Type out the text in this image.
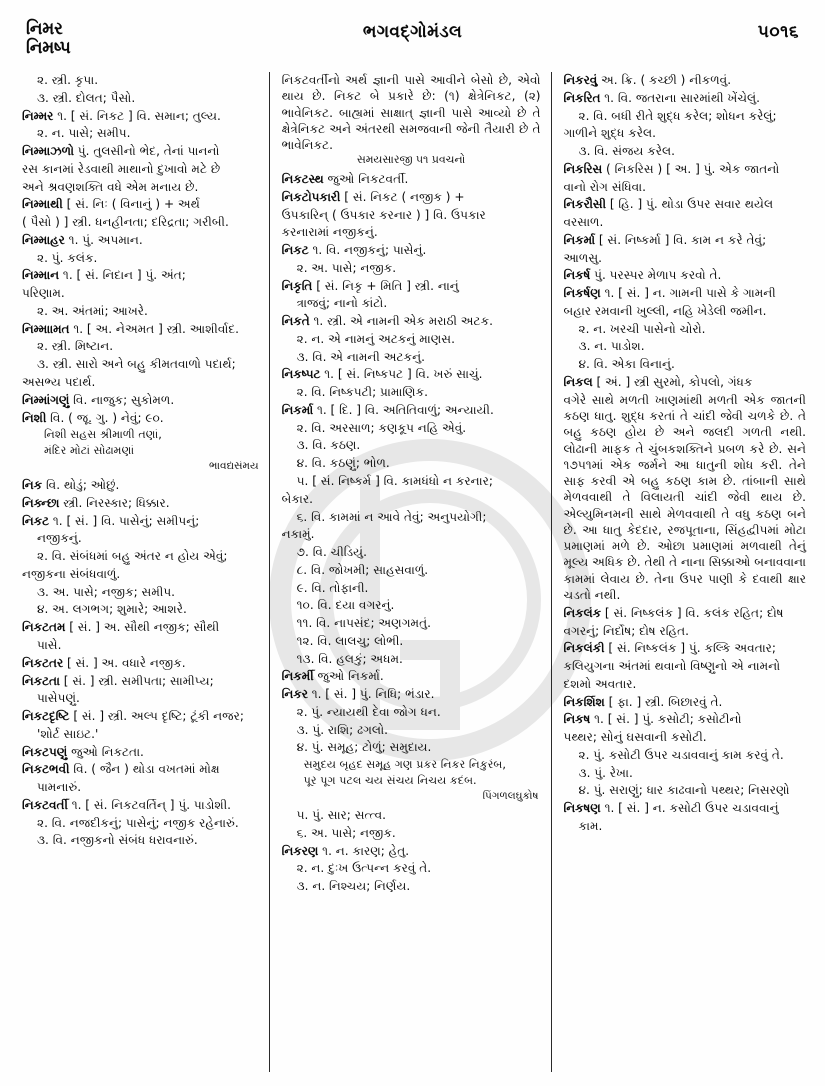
નિમર
નિમષ્પ
ભગવદ્ગોમંડલ	૫૦૧૬
૨. સ્ત્રી. કૃપા.
૩. સ્ત્રી. દોલત; પૈસો.
નિમ્મર ૧. [ સં. નિકટ ] વિ. સમાન; તુલ્ય.
૨. ન. પાસે; સમીપ.
નિમ્માઝળો પું. તુલસીનો ભેદ, તેનાં પાનનો
રસ કાનમાં રેડવાથી માથાનો દુખાવો મટે છે
અને શ્રવણશક્તિ વધે એમ મનાય છે.
નિમ્માથી [ સં. નિઃ ( વિનાનું ) + અર્થ
( પૈસો ) ] સ્ત્રી. ધનહીનતા; દરિદ્રતા; ગરીબી.
નિમ્માહર ૧. પું. અપમાન.
૨. પું. કલંક.
નિમ્માન ૧. [ સં. નિદાન ] પું. અંત;
પરિણામ.
૨. અ. અંતમાં; આખરે.
નિમ્માામત ૧. [ અ. નેઅમત ] સ્ત્રી. આશીર્વાદ.
૨. સ્ત્રી. મિષ્ટાન.
૩. સ્ત્રી. સારો અને બહુ કીમતવાળો પદાર્થ;
અસભ્ય પદાર્થ.
નિમ્માંગણું વિ. નાજુક; સુકોમળ.
નિશી વિ. ( જૂ. ગુ. ) નેવું; ૯૦.
નિશી સહસ શ્રીમાળી તણાં,
મંદિર મોટાં સોઢામણાં
ભાવદ્યસંમય
નિક વિ. થોડું; ઓછું.
નિક્ન્છા સ્ત્રી. નિરસ્કાર; ધિક્કાર.
નિકટ ૧. [ સં. ] વિ. પાસેનું; સમીપનું;
નજીકનું.
૨. વિ. સંબંધમાં બહુ અંતર ન હોય એવું;
નજીકના સંબંધવાળું.
૩. અ. પાસે; નજીક; સમીપ.
૪. અ. લગભગ; શુમારે; આશરે.
નિકટતમ [ સં. ] અ. સૌથી નજીક; સૌથી
પાસે.
નિકટતર [ સં. ] અ. વધારે નજીક.
નિકટતા [ સં. ] સ્ત્રી. સમીપતા; સામીપ્ય;
પાસેપણું.
નિકટદૃષ્ટિ [ સં. ] સ્ત્રી. અલ્પ દૃષ્ટિ; ટૂંકી નજર;
'શોર્ટ સાઇટ.'
નિકટપણું જુઓ નિકટતા.
નિકટભવી વિ. ( જૈન ) થોડા વખતમાં મોક્ષ
પામનારું.
નિકટવર્તી ૧. [ સં. નિકટવર્તિન્ ] પું. પાડોશી.
૨. વિ. નજદીકનું; પાસેનું; નજીક રહેનારું.
૩. વિ. નજીકનો સંબંધ ધરાવનારું.
નિકટવર્તીનો અર્થ જ્ઞાની પાસે આવીને બેસો છે, એવો થાય છે. નિકટ બે પ્રકારે છે: (૧) ક્ષેત્રેનિકટ, (૨) ભાવેનિકટ. બાહ્યમાં સાક્ષાત્ જ્ઞાની પાસે આવ્યો છે તે ક્ષેત્રેનિકટ અને અંતરથી સમજવાની જેની તૈયારી છે તે ભાવેનિકટ.
સમયસારજી ૫૧ પ્રવચનો
નિકટસ્થ જુઓ નિકટવર્તી.
નિકટોપકારી [ સં. નિકટ ( નજીક ) +
ઉપકારિન્ ( ઉપકાર કરનાર ) ] વિ. ઉપકાર
કરનારામાં નજીકનું.
નિકટ ૧. વિ. નજીકનું; પાસેનું.
૨. અ. પાસે; નજીક.
નિકૃતિ [ સં. નિકૃ + મિતિ ] સ્ત્રી. નાનું
ત્રાજવું; નાનો કાંટો.
નિકતે ૧. સ્ત્રી. એ નામની એક મરાઠી અટક.
૨. ન. એ નામનું અટકનું માણસ.
૩. વિ. એ નામની અટકનું.
નિકષ્પટ ૧. [ સં. નિષ્કપટ ] વિ. ખરું સાચું.
૨. વિ. નિષ્કપટી; પ્રામાણિક.
નિકર્મા ૧. [ દિ. ] વિ. અતિતિવાળું; અન્યાયી.
૨. વિ. અરસાળ; કણકૂપ નહિ એવું.
૩. વિ. કઠણ.
૪. વિ. કઠણું; ભોળ.
૫. [ સં. નિષ્કર્મ ] વિ. કામધંધો ન કરનાર;
બેકાર.
૬. વિ. કામમાં ન આવે તેવું; અનુપયોગી;
નકામું.
૭. વિ. ચીડિયું.
૮. વિ. જોખમી; સાહસવાળું.
૯. વિ. તોફાની.
૧૦. વિ. દયા વગરનું.
૧૧. વિ. નાપસંદ; અણગમતું.
૧૨. વિ. લાલચુ; લોભી.
૧૩. વિ. હલકું; અધમ.
નિકર્મી જુઓ નિકર્મા.
નિકર ૧. [ સં. ] પું. નિધિ; ભંડાર.
૨. પું. ન્યાયથી દેવા જોગ ધન.
૩. પું. રાશિ; ઢગલો.
૪. પું. સમૂહ; ટોળું; સમુદાય.
સમુદય બૃહદ સમૂહ ગણ પ્રકર નિકર નિકુરંબ,
પૂર પૂગ પટલ ચય સંચય નિચય કદંબ.
પિંગળલઘુકોષ
૫. પું. સાર; સત્ત્વ.
૬. અ. પાસે; નજીક.
નિકરણ ૧. ન. કારણ; હેતુ.
૨. ન. દુઃખ ઉત્પન્ન કરવું તે.
૩. ન. નિશ્ચય; નિર્ણય.
નિકરવું અ. ક્રિ. ( કચ્છી ) નીકળવું.
નિકરિત ૧. વિ. જતરાના સારમાંથી ખેંચેલું.
૨. વિ. બધી રીતે શુદ્ધ કરેલ; શોધન કરેલું;
ગાળીને શુદ્ધ કરેલ.
૩. વિ. સંજય કરેલ.
નિકરિસ ( નિકરિસ ) [ અ. ] પું. એક જાતનો
વાનો રોગ સંધિવા.
નિકરૌસી [ હિ. ] પું. થોડા ઉપર સવાર થયેલ
વરસાળ.
નિકર્મા [ સં. નિષ્કર્મા ] વિ. કામ ન કરે તેવું;
આળસુ.
નિકર્ષ પું. પરસ્પર મેળાપ કરવો તે.
નિકર્ષણ ૧. [ સં. ] ન. ગામની પાસે કે ગામની
બહાર રમવાની ખુલ્લી, નહિ ખેડેલી જમીન.
૨. ન. ખરચી પાસેનો ચોરો.
૩. ન. પાડોશ.
૪. વિ. એકા વિનાનું.
નિકલ [ અં. ] સ્ત્રી સુરમો, કોપલો, ગંધક
વગેરે સાથે મળતી ખાણમાંથી મળતી એક જાતની કઠણ ધાતુ. શુદ્ધ કરતાં તે ચાંદી જેવી ચળકે છે. તે બહુ કઠણ હોય છે અને જલદી ગળતી નથી. લોઢાની માફક તે ચુંબકશક્તિને પ્રબળ કરે છે. સને ૧૭૫૧માં એક જર્મને આ ધાતુની શોધ કરી. તેને સાફ કરવી એ બહુ કઠણ કામ છે. તાંબાની સાથે મેળવવાથી તે વિલાયતી ચાંદી જેવી થાય છે. એલ્યુમિનમની સાથે મેળવવાથી તે વધુ કઠણ બને છે. આ ધાતુ કેદદાર, રજપૂતાના, સિંહદ્વીપમાં મોટા પ્રમાણમાં મળે છે. ઓછા પ્રમાણમાં મળવાથી તેનું મૂલ્ય અધિક છે. તેથી તે નાના સિક્કાઓ બનાવવાના કામમાં લેવાય છે. તેના ઉપર પાણી કે દવાથી ક્ષાર ચડતો નથી.
નિકલંક [ સં. નિષ્કલંક ] વિ. કલંક રહિત; દોષ
વગરનું; નિર્દોષ; દોષ રહિત.
નિકલંકી [ સં. નિષ્કલંક ] પું. કલ્કિ અવતાર;
કલિયુગના અંતમાં થવાનો વિષ્ણુનો એ નામનો
દશમો અવતાર.
નિકર્શિશ [ ફા. ] સ્ત્રી. બિછારવું તે.
નિકષ ૧. [ સં. ] પું. કસોટી; કસોટીનો
પથ્થર; સોનું ઘસવાની કસોટી.
૨. પું. કસોટી ઉપર ચડાવવાનું કામ કરવું તે.
૩. પું. રેખા.
૪. પું. સરાણું; ધાર કાઢવાનો પથ્થર; નિસરણો
નિકષણ ૧. [ સં. ] ન. કસોટી ઉપર ચડાવવાનું
કામ.
